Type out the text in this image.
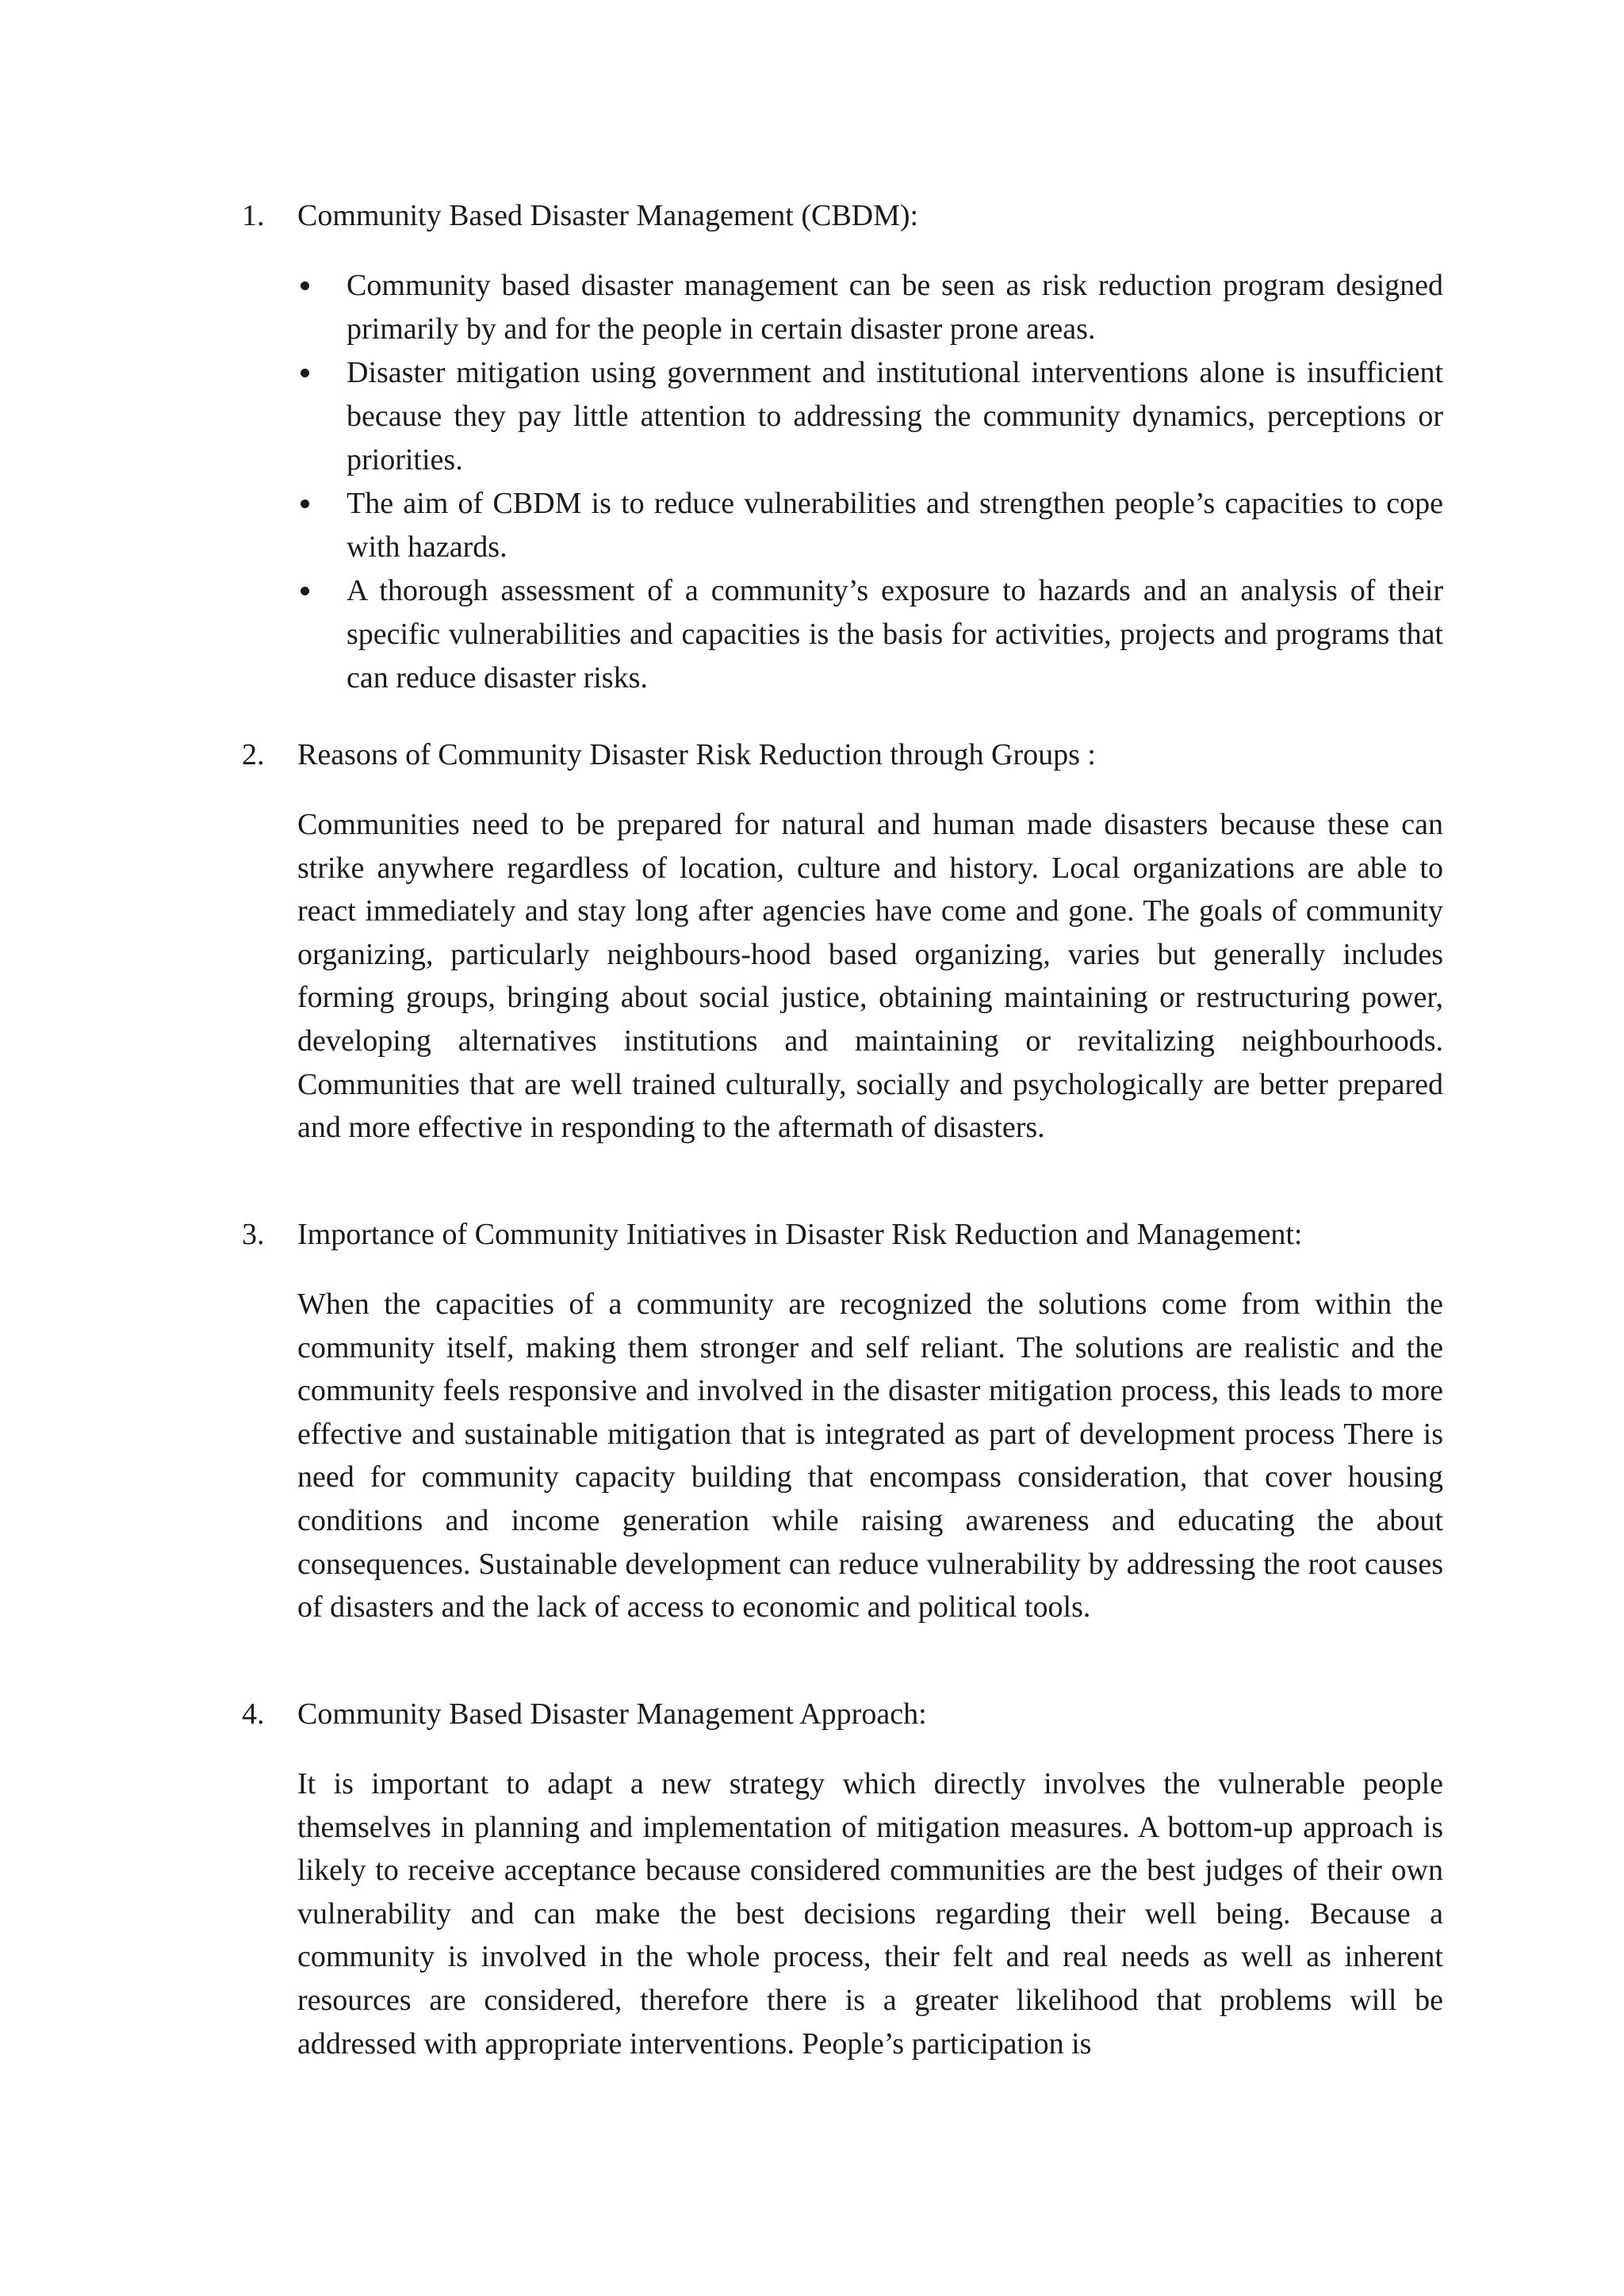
1. Community Based Disaster Management (CBDM):
Community based disaster management can be seen as risk reduction program designed primarily by and for the people in certain disaster prone areas.
Disaster mitigation using government and institutional interventions alone is insufficient because they pay little attention to addressing the community dynamics, perceptions or priorities.
The aim of CBDM is to reduce vulnerabilities and strengthen people’s capacities to cope with hazards.
A thorough assessment of a community’s exposure to hazards and an analysis of their specific vulnerabilities and capacities is the basis for activities, projects and programs that can reduce disaster risks.
2. Reasons of Community Disaster Risk Reduction through Groups :

Communities need to be prepared for natural and human made disasters because these can strike anywhere regardless of location, culture and history. Local organizations are able to react immediately and stay long after agencies have come and gone. The goals of community organizing, particularly neighbours-hood based organizing, varies but generally includes forming groups, bringing about social justice, obtaining maintaining or restructuring power, developing alternatives institutions and maintaining or revitalizing neighbourhoods. Communities that are well trained culturally, socially and psychologically are better prepared and more effective in responding to the aftermath of disasters.

3. Importance of Community Initiatives in Disaster Risk Reduction and Management:

When the capacities of a community are recognized the solutions come from within the community itself, making them stronger and self reliant. The solutions are realistic and the community feels responsive and involved in the disaster mitigation process, this leads to more effective and sustainable mitigation that is integrated as part of development process There is need for community capacity building that encompass consideration, that cover housing conditions and income generation while raising awareness and educating the about consequences. Sustainable development can reduce vulnerability by addressing the root causes of disasters and the lack of access to economic and political tools.

4. Community Based Disaster Management Approach:

It is important to adapt a new strategy which directly involves the vulnerable people themselves in planning and implementation of mitigation measures. A bottom-up approach is likely to receive acceptance because considered communities are the best judges of their own vulnerability and can make the best decisions regarding their well being. Because a community is involved in the whole process, their felt and real needs as well as inherent resources are considered, therefore there is a greater likelihood that problems will be addressed with appropriate interventions. People’s participation is
